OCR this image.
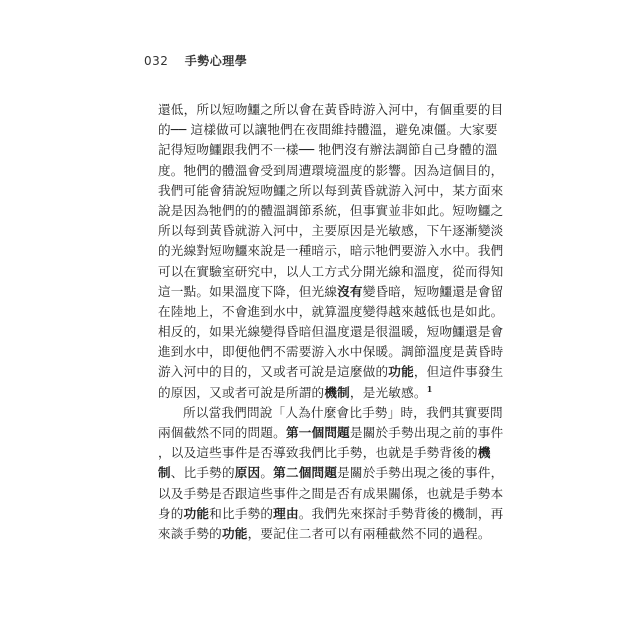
032 手勢心理學
還低，所以短吻鱷之所以會在黃昏時游入河中，有個重要的目
的── 這樣做可以讓牠們在夜間維持體溫，避免凍僵。大家要
記得短吻鱷跟我們不一樣── 牠們沒有辦法調節自己身體的溫
度。牠們的體溫會受到周遭環境溫度的影響。因為這個目的，
我們可能會猜說短吻鱷之所以每到黃昏就游入河中，某方面來
說是因為牠們的的體溫調節系統，但事實並非如此。短吻鱷之
所以每到黃昏就游入河中，主要原因是光敏感，下午逐漸變淡
的光線對短吻鱷來說是一種暗示，暗示牠們要游入水中。我們
可以在實驗室研究中，以人工方式分開光線和溫度，從而得知
這一點。如果溫度下降，但光線沒有變昏暗，短吻鱷還是會留
在陸地上，不會進到水中，就算溫度變得越來越低也是如此。
相反的，如果光線變得昏暗但溫度還是很溫暖，短吻鱷還是會
進到水中，即便他們不需要游入水中保暖。調節溫度是黃昏時
游入河中的目的，又或者可說是這麼做的功能，但這件事發生
的原因，又或者可說是所謂的機制，是光敏感。$^1$
所以當我們問說「人為什麼會比手勢」時，我們其實要問
兩個截然不同的問題。第一個問題是關於手勢出現之前的事件
，以及這些事件是否導致我們比手勢，也就是手勢背後的機
制、比手勢的原因。第二個問題是關於手勢出現之後的事件，
以及手勢是否跟這些事件之間是否有成果關係，也就是手勢本
身的功能和比手勢的理由。我們先來探討手勢背後的機制，再
來談手勢的功能，要記住二者可以有兩種截然不同的過程。
